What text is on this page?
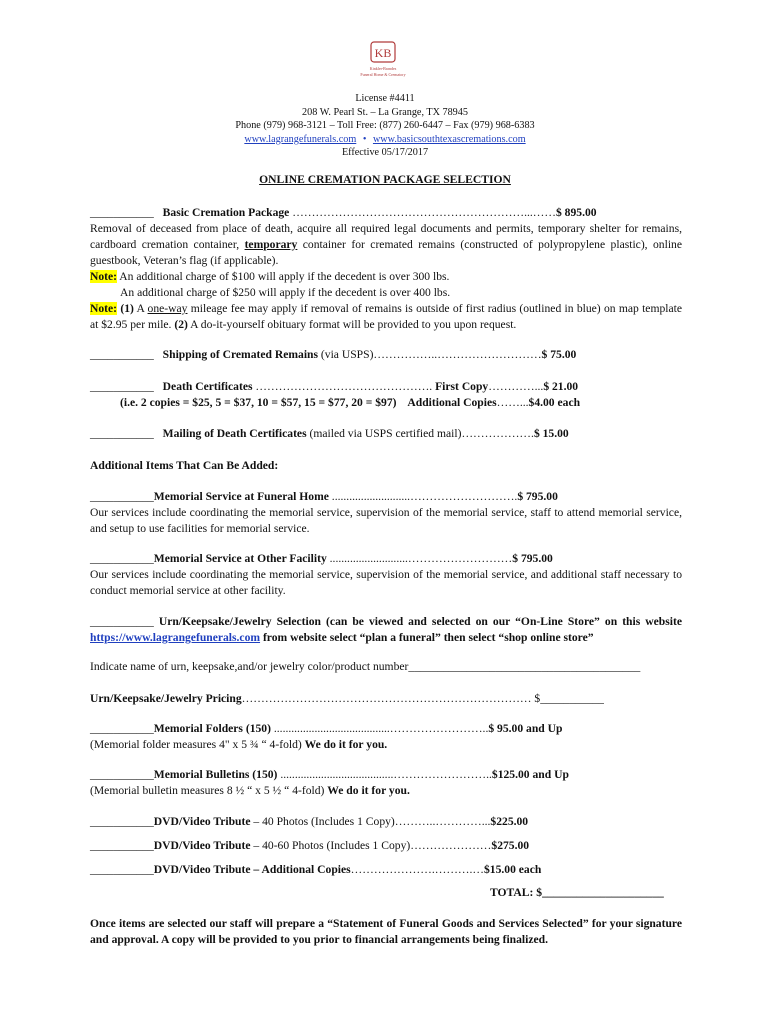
KB
Kinkler-Brandes
Funeral Home & Crematory
License #4411
208 W. Pearl St. – La Grange, TX 78945
Phone (979) 968-3121 – Toll Free: (877) 260-6447 – Fax (979) 968-6383
www.lagrangefunerals.com • www.basicsouthtexascremations.com
Effective 05/17/2017
ONLINE CREMATION PACKAGE SELECTION
___________ Basic Cremation Package ……………………………………………………...……$ 895.00
Removal of deceased from place of death, acquire all required legal documents and permits, temporary shelter for remains, cardboard cremation container, temporary container for cremated remains (constructed of polypropylene plastic), online guestbook, Veteran’s flag (if applicable).
Note: An additional charge of $100 will apply if the decedent is over 300 lbs.
An additional charge of $250 will apply if the decedent is over 400 lbs.
Note: (1) A one-way mileage fee may apply if removal of remains is outside of first radius (outlined in blue) on map template at $2.95 per mile. (2) A do-it-yourself obituary format will be provided to you upon request.
___________ Shipping of Cremated Remains (via USPS)……………..………………………$ 75.00
___________ Death Certificates ………………………………………. First Copy…………...$ 21.00
(i.e. 2 copies = $25, 5 = $37, 10 = $57, 15 = $77, 20 = $97) Additional Copies……...$4.00 each
___________ Mailing of Death Certificates (mailed via USPS certified mail)……………….$ 15.00
Additional Items That Can Be Added:
___________Memorial Service at Funeral Home ...........................……………………….$ 795.00
Our services include coordinating the memorial service, supervision of the memorial service, staff to attend memorial service, and setup to use facilities for memorial service.
___________Memorial Service at Other Facility ...........................………………………$ 795.00
Our services include coordinating the memorial service, supervision of the memorial service, and additional staff necessary to conduct memorial service at other facility.
___________ Urn/Keepsake/Jewelry Selection (can be viewed and selected on our “On-Line Store” on this website https://www.lagrangefunerals.com from website select “plan a funeral” then select “shop online store”
Indicate name of urn, keepsake,and/or jewelry color/product number________________________________________
Urn/Keepsake/Jewelry Pricing………………………………………………………………… $___________
___________Memorial Folders (150) ........................................……………………..$ 95.00 and Up
(Memorial folder measures 4" x 5 ¾ “ 4-fold) We do it for you.
___________Memorial Bulletins (150) .......................................……………………..$125.00 and Up
(Memorial bulletin measures 8 ½ “ x 5 ½ “ 4-fold) We do it for you.
___________DVD/Video Tribute – 40 Photos (Includes 1 Copy)………..…………...$225.00
___________DVD/Video Tribute – 40-60 Photos (Includes 1 Copy)…………………$275.00
___________DVD/Video Tribute – Additional Copies………………….……….…$15.00 each
TOTAL: $_____________________
Once items are selected our staff will prepare a “Statement of Funeral Goods and Services Selected” for your signature and approval. A copy will be provided to you prior to financial arrangements being finalized.
